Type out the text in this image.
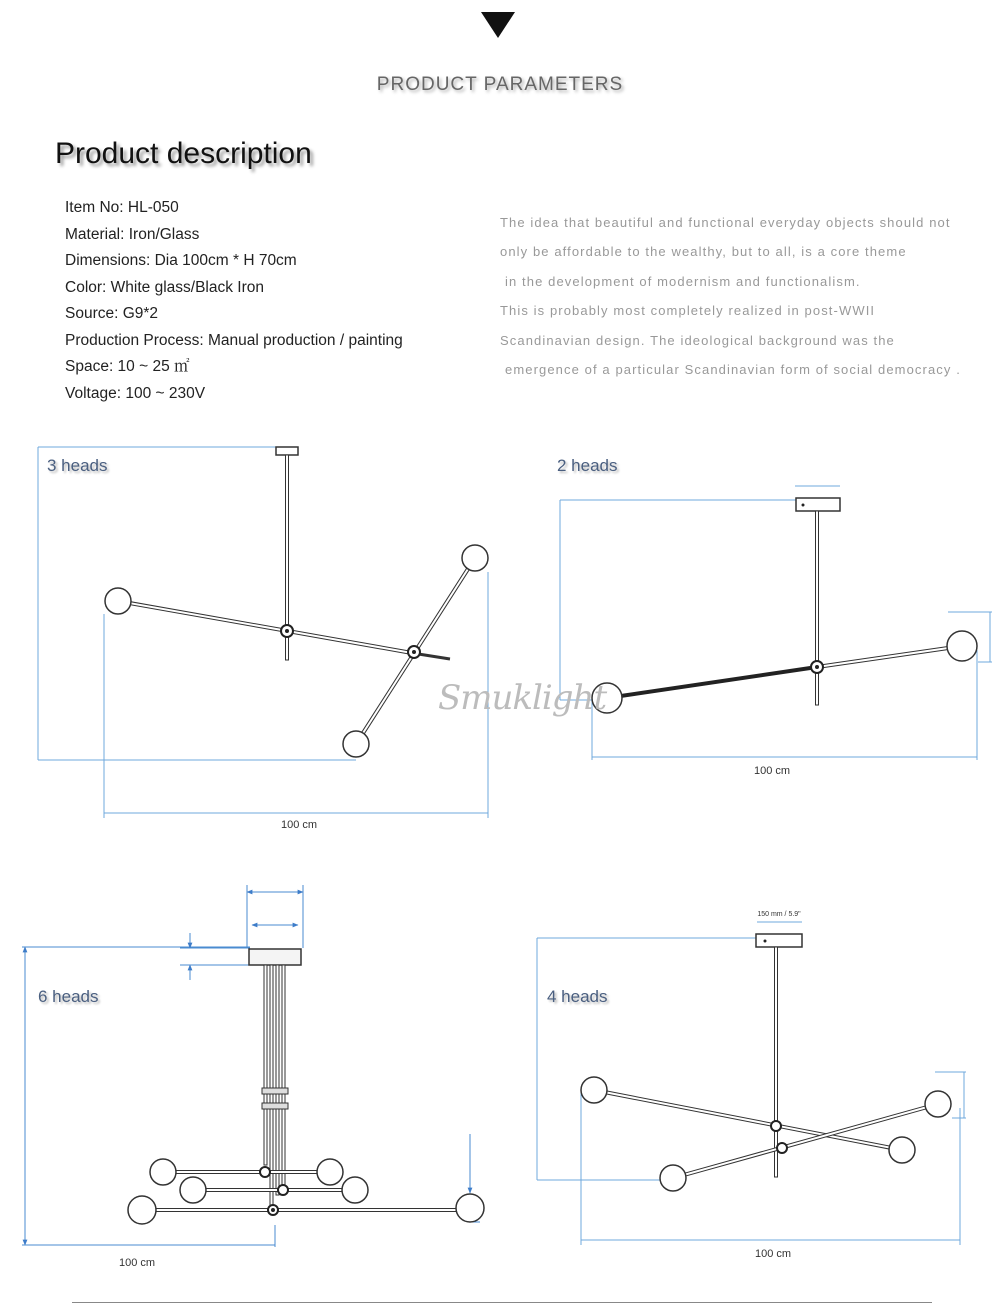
PRODUCT PARAMETERS
Product description
Item No: HL-050
Material: Iron/Glass
Dimensions: Dia 100cm * H 70cm
Color: White glass/Black Iron
Source: G9*2
Production Process: Manual production / painting
Space: 10 ~ 25 ㎡
Voltage: 100 ~ 230V
The idea that beautiful and functional everyday objects should not
only be affordable to the wealthy, but to all, is a core theme
in the development of modernism and functionalism.
This is probably most completely realized in post-WWII
Scandinavian design. The ideological background was the
emergence of a particular Scandinavian form of social democracy .
3 heads
100 cm
2 heads
100 cm
6 heads
100 cm
4 heads
150 mm / 5.9"
100 cm
Smuklight
